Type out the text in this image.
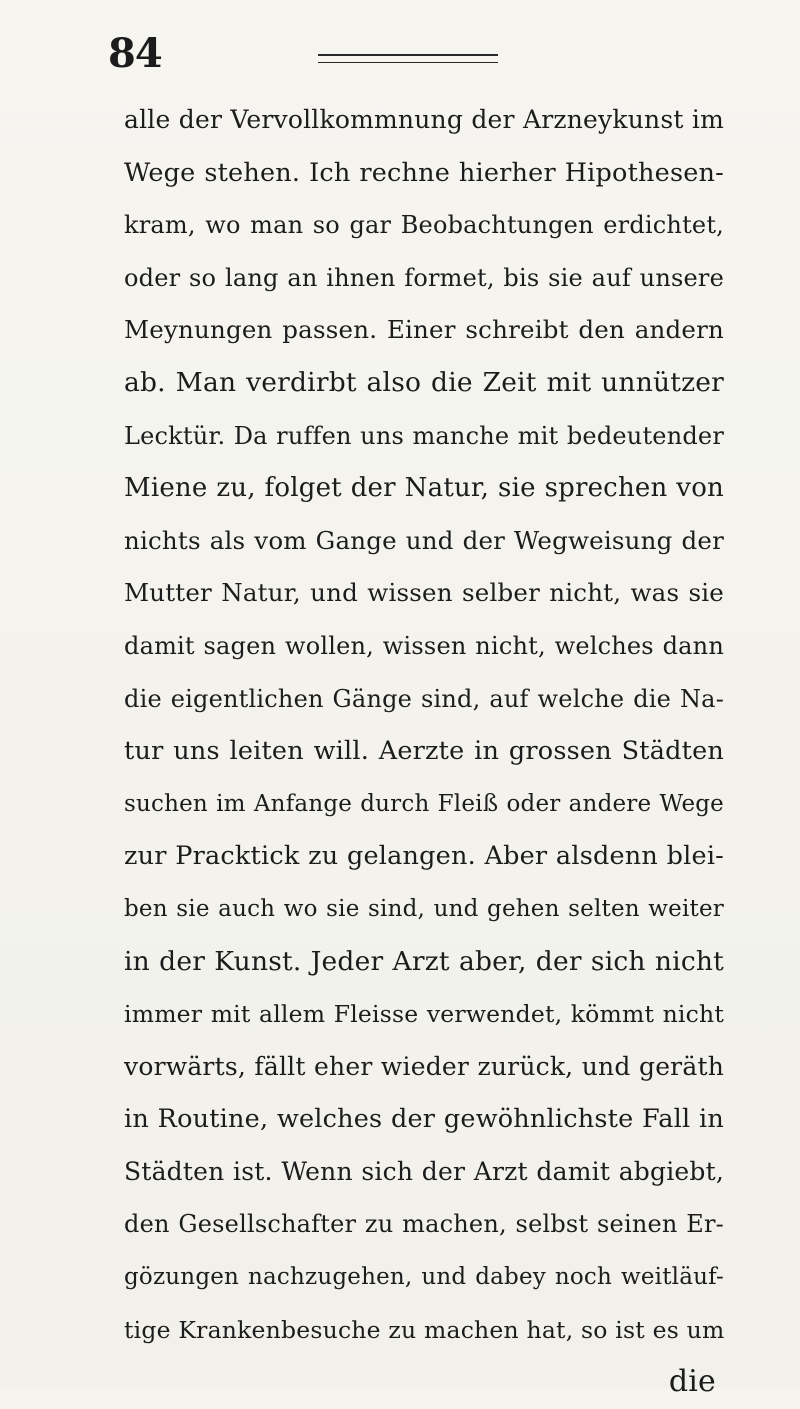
84
alle der Vervollkommnung der Arzneykunst im
Wege stehen. Ich rechne hierher Hipothesen-
kram, wo man so gar Beobachtungen erdichtet,
oder so lang an ihnen formet, bis sie auf unsere
Meynungen passen. Einer schreibt den andern
ab. Man verdirbt also die Zeit mit unnützer
Lecktür. Da ruffen uns manche mit bedeutender
Miene zu, folget der Natur, sie sprechen von
nichts als vom Gange und der Wegweisung der
Mutter Natur, und wissen selber nicht, was sie
damit sagen wollen, wissen nicht, welches dann
die eigentlichen Gänge sind, auf welche die Na-
tur uns leiten will. Aerzte in grossen Städten
suchen im Anfange durch Fleiß oder andere Wege
zur Pracktick zu gelangen. Aber alsdenn blei-
ben sie auch wo sie sind, und gehen selten weiter
in der Kunst. Jeder Arzt aber, der sich nicht
immer mit allem Fleisse verwendet, kömmt nicht
vorwärts, fällt eher wieder zurück, und geräth
in Routine, welches der gewöhnlichste Fall in
Städten ist. Wenn sich der Arzt damit abgiebt,
den Gesellschafter zu machen, selbst seinen Er-
gözungen nachzugehen, und dabey noch weitläuf-
tige Krankenbesuche zu machen hat, so ist es um
die
